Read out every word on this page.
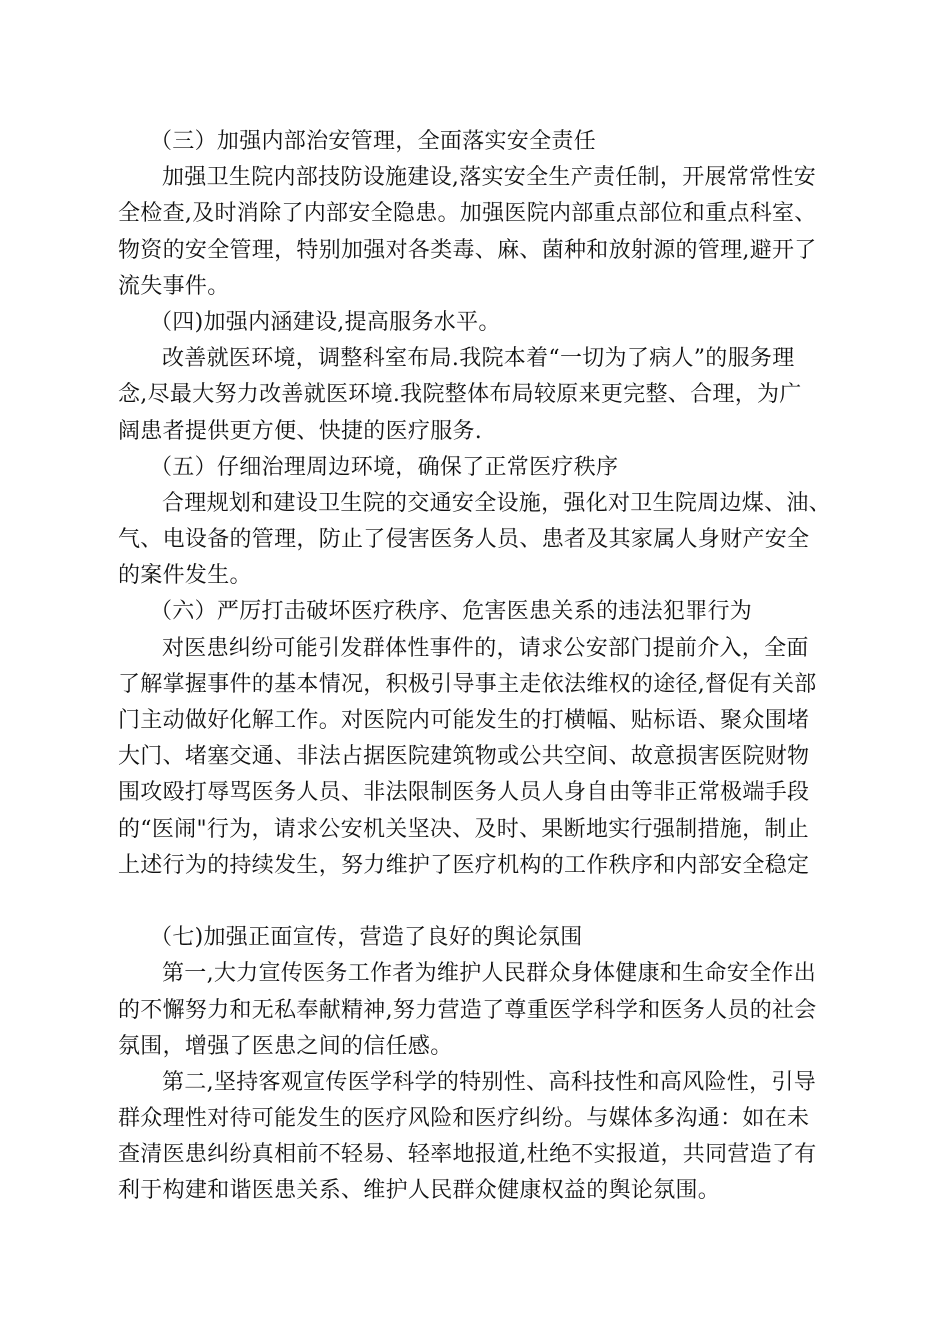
（三）加强内部治安管理，全面落实安全责任
加强卫生院内部技防设施建设,落实安全生产责任制，开展常常性安
全检查,及时消除了内部安全隐患。加强医院内部重点部位和重点科室、
物资的安全管理，特别加强对各类毒、麻、菌种和放射源的管理,避开了
流失事件。
（四)加强内涵建设,提高服务水平。
改善就医环境，调整科室布局.我院本着“一切为了病人”的服务理
念,尽最大努力改善就医环境.我院整体布局较原来更完整、合理，为广
阔患者提供更方便、快捷的医疗服务.
（五）仔细治理周边环境，确保了正常医疗秩序
合理规划和建设卫生院的交通安全设施，强化对卫生院周边煤、油、
气、电设备的管理，防止了侵害医务人员、患者及其家属人身财产安全
的案件发生。
（六）严厉打击破坏医疗秩序、危害医患关系的违法犯罪行为
对医患纠纷可能引发群体性事件的，请求公安部门提前介入，全面
了解掌握事件的基本情况，积极引导事主走依法维权的途径,督促有关部
门主动做好化解工作。对医院内可能发生的打横幅、贴标语、聚众围堵
大门、堵塞交通、非法占据医院建筑物或公共空间、故意损害医院财物
围攻殴打辱骂医务人员、非法限制医务人员人身自由等非正常极端手段
的“医闹"行为，请求公安机关坚决、及时、果断地实行强制措施，制止
上述行为的持续发生，努力维护了医疗机构的工作秩序和内部安全稳定
（七)加强正面宣传，营造了良好的舆论氛围
第一,大力宣传医务工作者为维护人民群众身体健康和生命安全作出
的不懈努力和无私奉献精神,努力营造了尊重医学科学和医务人员的社会
氛围，增强了医患之间的信任感。
第二,坚持客观宣传医学科学的特别性、高科技性和高风险性，引导
群众理性对待可能发生的医疗风险和医疗纠纷。与媒体多沟通：如在未
查清医患纠纷真相前不轻易、轻率地报道,杜绝不实报道，共同营造了有
利于构建和谐医患关系、维护人民群众健康权益的舆论氛围。
